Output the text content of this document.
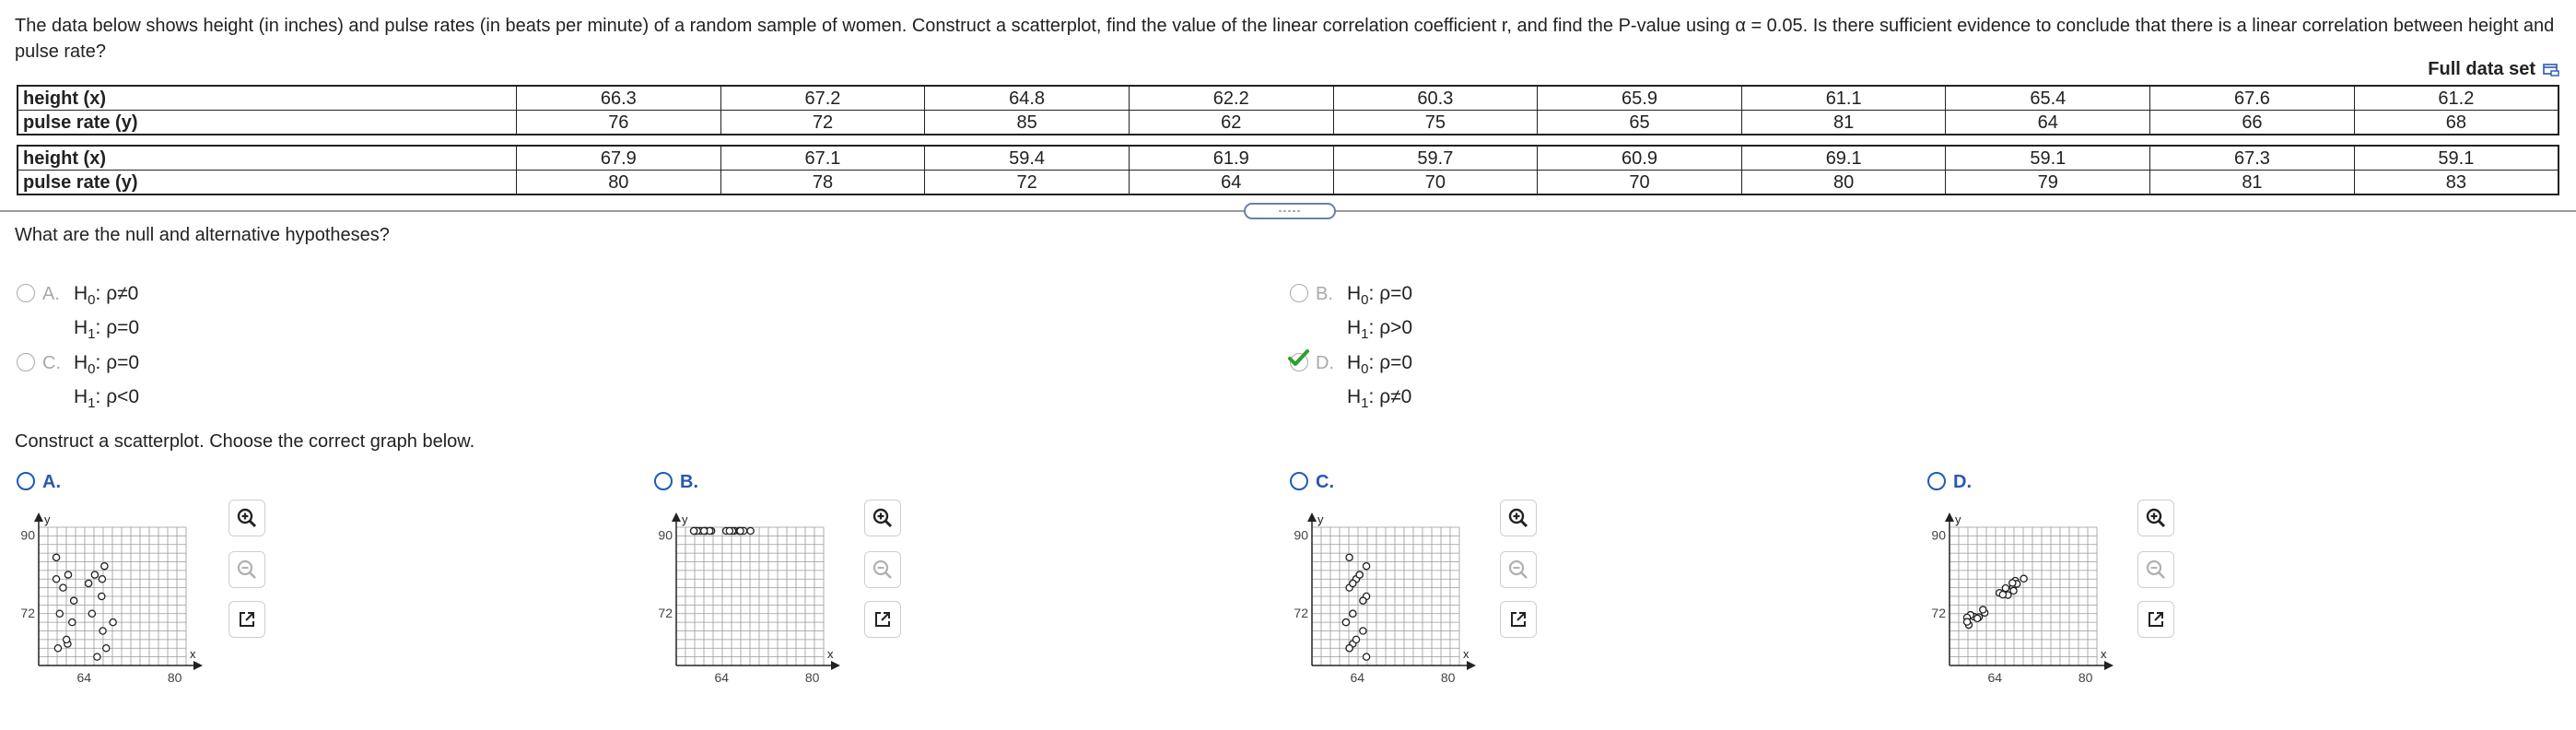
The data below shows height (in inches) and pulse rates (in beats per minute) of a random sample of women. Construct a scatterplot, find the value of the linear correlation coefficient r, and find the P-value using α = 0.05. Is there sufficient evidence to conclude that there is a linear correlation between height and pulse rate?
Full data set
height (x)	66.3	67.2	64.8	62.2	60.3	65.9	61.1	65.4	67.6	61.2
pulse rate (y)	76	72	85	62	75	65	81	64	66	68
height (x)	67.9	67.1	59.4	61.9	59.7	60.9	69.1	59.1	67.3	59.1
pulse rate (y)	80	78	72	64	70	70	80	79	81	83
-----
What are the null and alternative hypotheses?
A. $H_0$: ρ≠0
$H_1$: ρ=0
B. $H_0$: ρ=0
$H_1$: ρ>0
C. $H_0$: ρ=0
$H_1$: ρ<0
D. $H_0$: ρ=0
$H_1$: ρ≠0
Construct a scatterplot. Choose the correct graph below.
A.
y
x
90
72
64	80
B.
y
x
90
72
64	80
C.
y
x
90
72
64	80
D.
y
x
90
72
64	80
